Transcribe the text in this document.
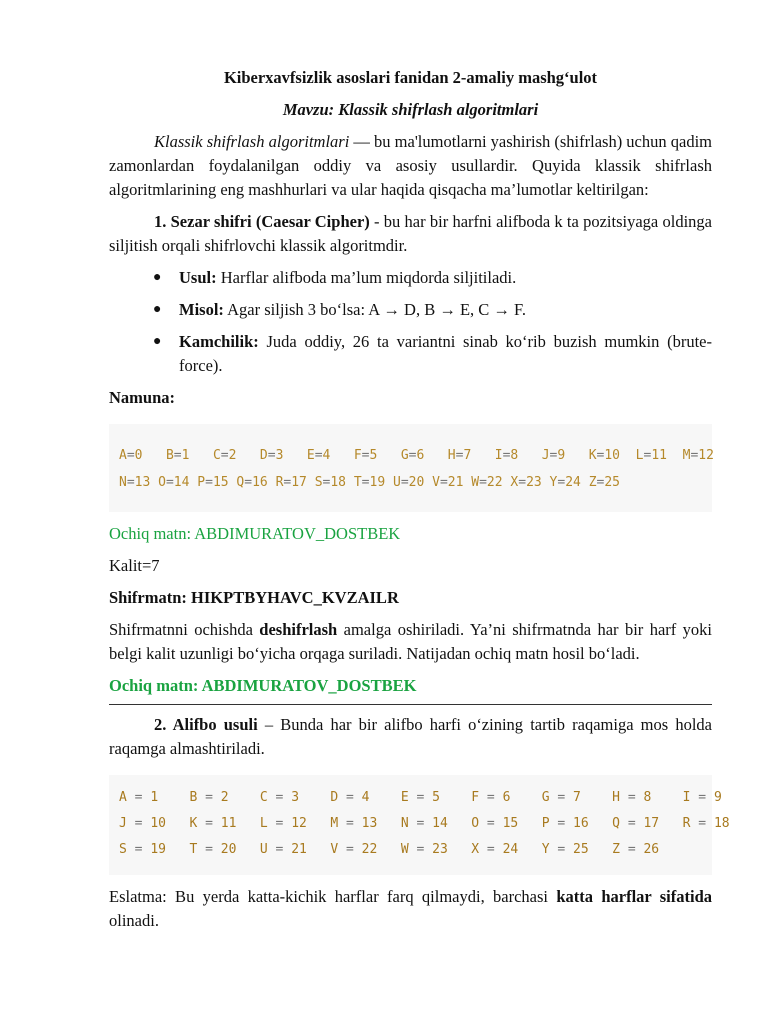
Kiberxavfsizlik asoslari fanidan 2-amaliy mashg‘ulot

Mavzu: Klassik shifrlash algoritmlari

Klassik shifrlash algoritmlari — bu ma'lumotlarni yashirish (shifrlash) uchun qadim zamonlardan foydalanilgan oddiy va asosiy usullardir. Quyida klassik shifrlash algoritmlarining eng mashhurlari va ular haqida qisqacha ma’lumotlar keltirilgan:

1. Sezar shifri (Caesar Cipher) - bu har bir harfni alifboda k ta pozitsiyaga oldinga siljitish orqali shifrlovchi klassik algoritmdir.

● Usul: Harflar alifboda ma’lum miqdorda siljitiladi.
● Misol: Agar siljish 3 bo‘lsa: A → D, B → E, C → F.
● Kamchilik: Juda oddiy, 26 ta variantni sinab ko‘rib buzish mumkin (brute-force).

Namuna:

A=0 B=1 C=2 D=3 E=4 F=5 G=6 H=7 I=8 J=9 K=10 L=11 M=12
N=13 O=14 P=15 Q=16 R=17 S=18 T=19 U=20 V=21 W=22 X=23 Y=24 Z=25

Ochiq matn: ABDIMURATOV_DOSTBEK

Kalit=7

Shifrmatn: HIKPTBYHAVC_KVZAILR

Shifrmatnni ochishda deshifrlash amalga oshiriladi. Ya’ni shifrmatnda har bir harf yoki belgi kalit uzunligi bo‘yicha orqaga suriladi. Natijadan ochiq matn hosil bo‘ladi.

Ochiq matn: ABDIMURATOV_DOSTBEK

2. Alifbo usuli – Bunda har bir alifbo harfi o‘zining tartib raqamiga mos holda raqamga almashtiriladi.

A = 1 B = 2 C = 3 D = 4 E = 5 F = 6 G = 7 H = 8 I = 9
J = 10 K = 11 L = 12 M = 13 N = 14 O = 15 P = 16 Q = 17 R = 18
S = 19 T = 20 U = 21 V = 22 W = 23 X = 24 Y = 25 Z = 26

Eslatma: Bu yerda katta-kichik harflar farq qilmaydi, barchasi katta harflar sifatida olinadi.
